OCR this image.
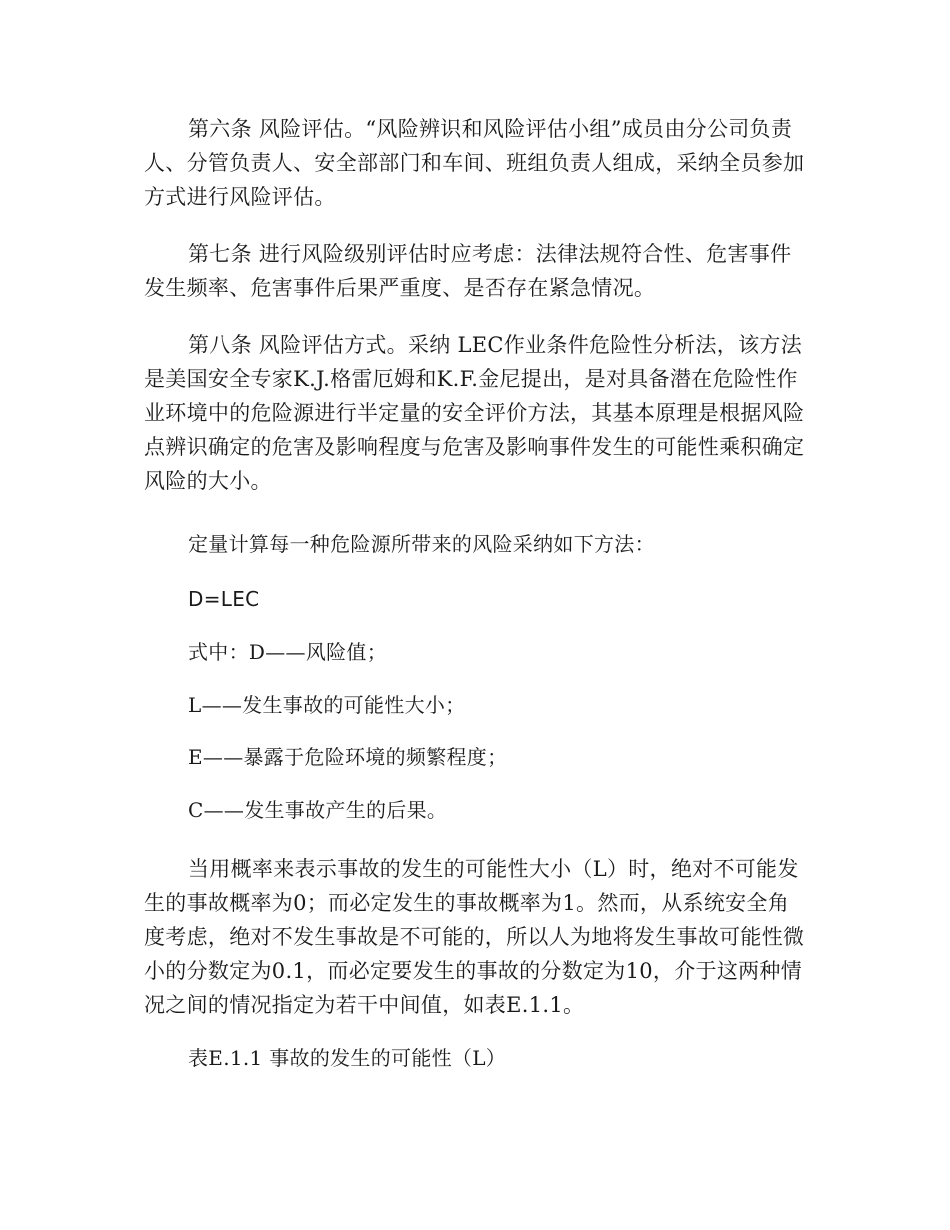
第六条 风险评估。“风险辨识和风险评估小组”成员由分公司负责人、分管负责人、安全部部门和车间、班组负责人组成，采纳全员参加方式进行风险评估。

第七条 进行风险级别评估时应考虑：法律法规符合性、危害事件发生频率、危害事件后果严重度、是否存在紧急情况。

第八条 风险评估方式。采纳 LEC作业条件危险性分析法，该方法是美国安全专家K.J.格雷厄姆和K.F.金尼提出，是对具备潜在危险性作业环境中的危险源进行半定量的安全评价方法，其基本原理是根据风险点辨识确定的危害及影响程度与危害及影响事件发生的可能性乘积确定风险的大小。

定量计算每一种危险源所带来的风险采纳如下方法：

D=LEC

式中：D——风险值；

L——发生事故的可能性大小；

E——暴露于危险环境的频繁程度；

C——发生事故产生的后果。

当用概率来表示事故的发生的可能性大小（L）时，绝对不可能发生的事故概率为0；而必定发生的事故概率为1。然而，从系统安全角度考虑，绝对不发生事故是不可能的，所以人为地将发生事故可能性微小的分数定为0.1，而必定要发生的事故的分数定为10，介于这两种情况之间的情况指定为若干中间值，如表E.1.1。

表E.1.1 事故的发生的可能性（L）
